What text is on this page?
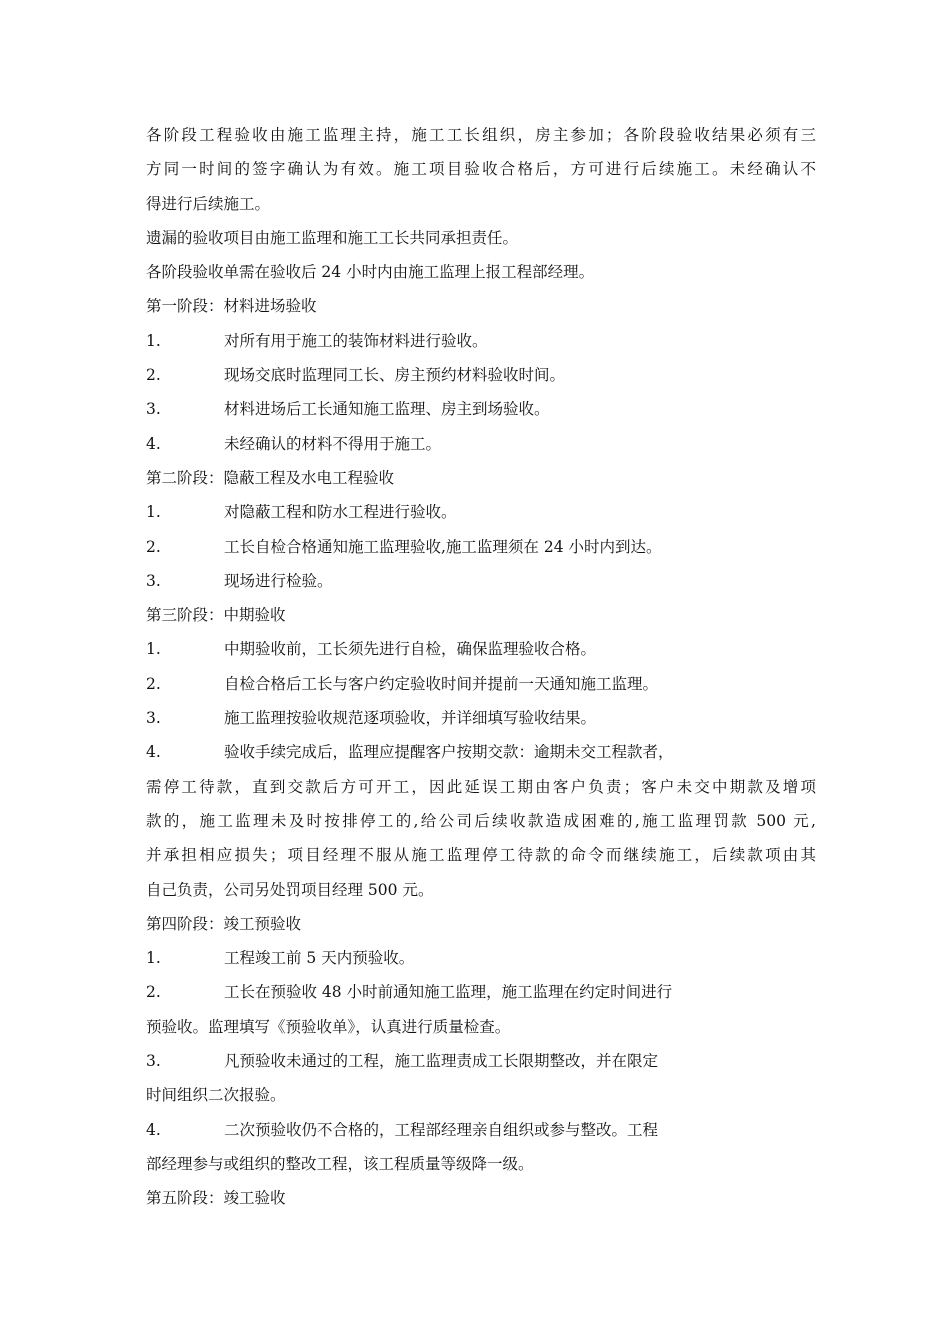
各阶段工程验收由施工监理主持，施工工长组织，房主参加；各阶段验收结果必须有三
方同一时间的签字确认为有效。施工项目验收合格后，方可进行后续施工。未经确认不
得进行后续施工。
遗漏的验收项目由施工监理和施工工长共同承担责任。
各阶段验收单需在验收后 24 小时内由施工监理上报工程部经理。
第一阶段：材料进场验收
1.	对所有用于施工的装饰材料进行验收。
2.	现场交底时监理同工长、房主预约材料验收时间。
3.	材料进场后工长通知施工监理、房主到场验收。
4.	未经确认的材料不得用于施工。
第二阶段：隐蔽工程及水电工程验收
1.	对隐蔽工程和防水工程进行验收。
2.	工长自检合格通知施工监理验收,施工监理须在 24 小时内到达。
3.	现场进行检验。
第三阶段：中期验收
1.	中期验收前，工长须先进行自检，确保监理验收合格。
2.	自检合格后工长与客户约定验收时间并提前一天通知施工监理。
3.	施工监理按验收规范逐项验收，并详细填写验收结果。
4.	验收手续完成后，监理应提醒客户按期交款：逾期未交工程款者，
需停工待款，直到交款后方可开工，因此延误工期由客户负责；客户未交中期款及增项
款的，施工监理未及时按排停工的,给公司后续收款造成困难的,施工监理罚款 500 元,
并承担相应损失；项目经理不服从施工监理停工待款的命令而继续施工，后续款项由其
自己负责，公司另处罚项目经理 500 元。
第四阶段：竣工预验收
1.	工程竣工前 5 天内预验收。
2.	工长在预验收 48 小时前通知施工监理，施工监理在约定时间进行
预验收。监理填写《预验收单》，认真进行质量检查。
3.	凡预验收未通过的工程，施工监理责成工长限期整改，并在限定
时间组织二次报验。
4.	二次预验收仍不合格的，工程部经理亲自组织或参与整改。工程
部经理参与或组织的整改工程，该工程质量等级降一级。
第五阶段：竣工验收
